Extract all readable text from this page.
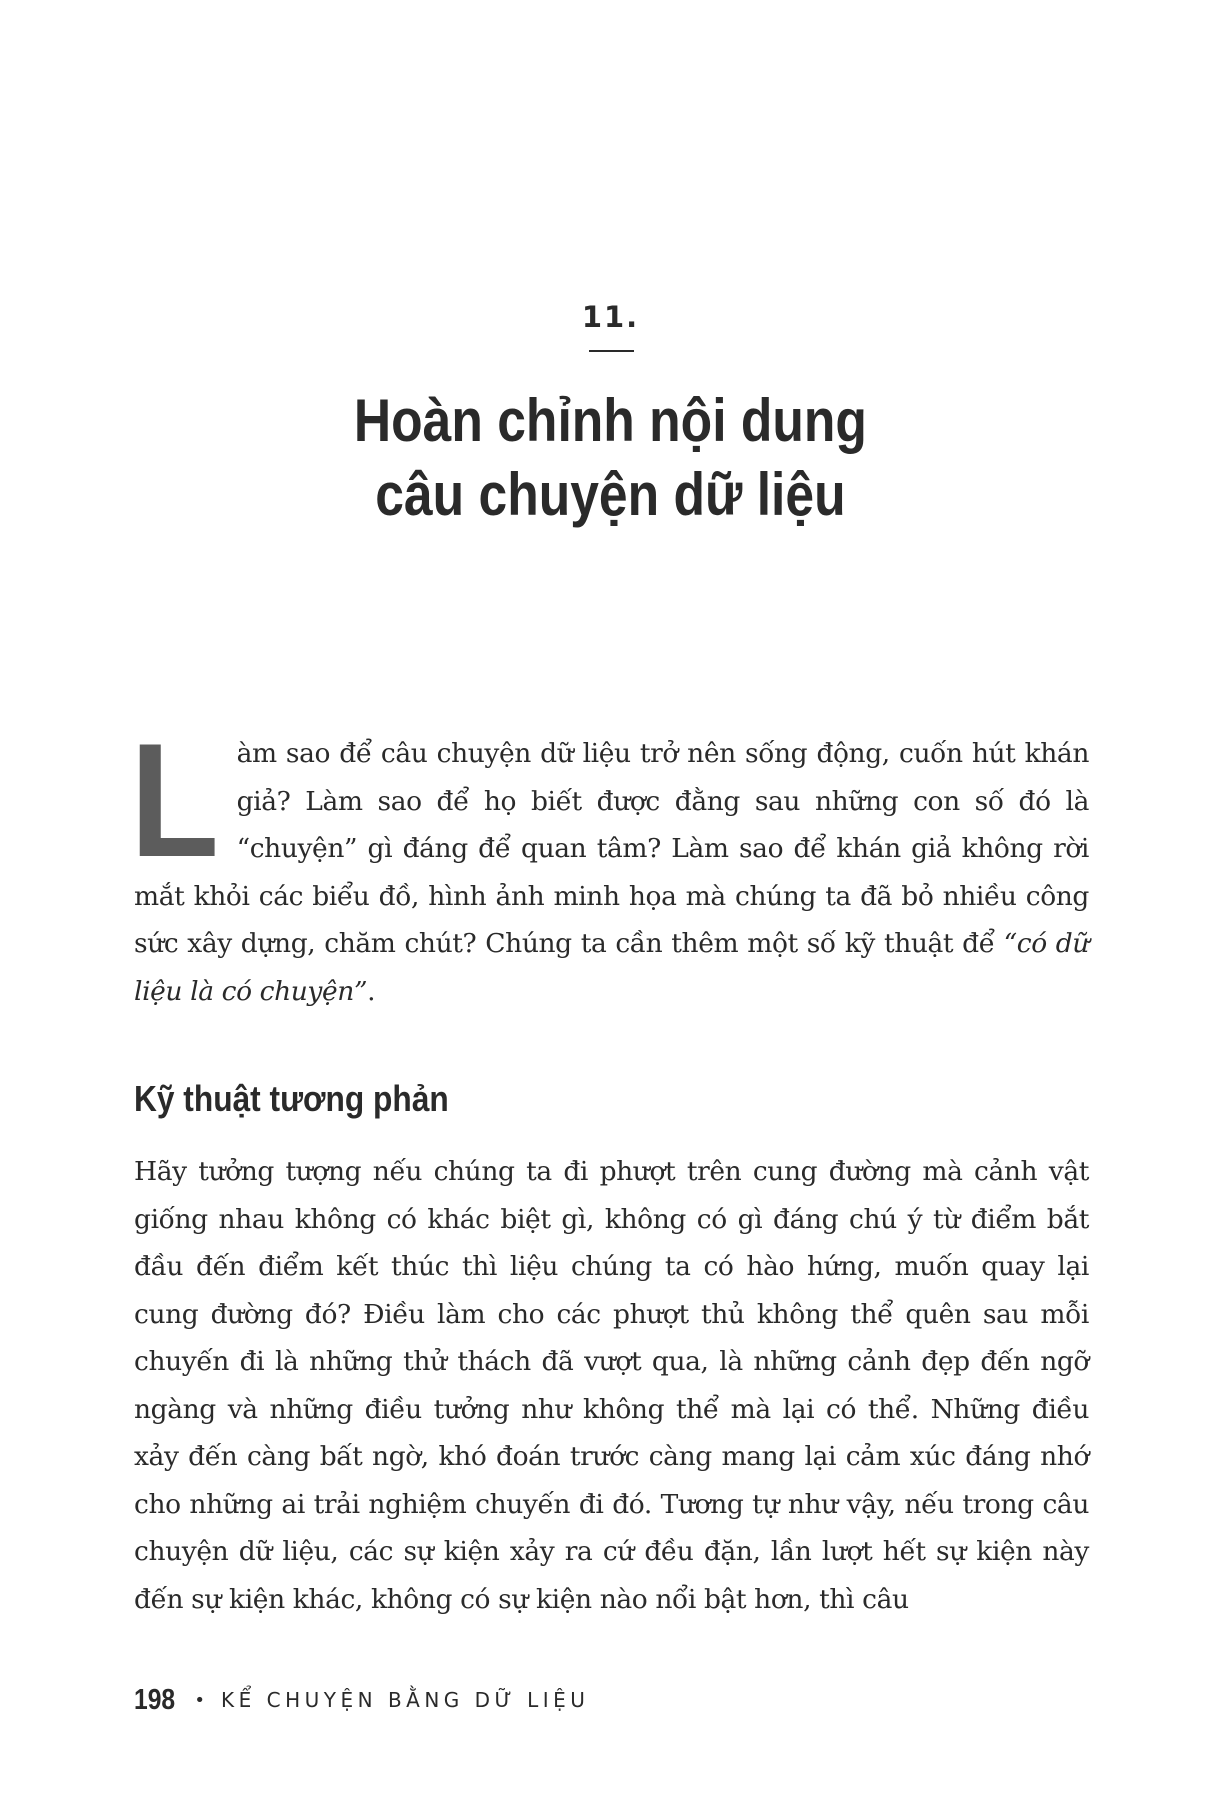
11.
Hoàn chỉnh nội dung
câu chuyện dữ liệu

Làm sao để câu chuyện dữ liệu trở nên sống động, cuốn hút khán giả? Làm sao để họ biết được đằng sau những con số đó là “chuyện” gì đáng để quan tâm? Làm sao để khán giả không rời mắt khỏi các biểu đồ, hình ảnh minh họa mà chúng ta đã bỏ nhiều công sức xây dựng, chăm chút? Chúng ta cần thêm một số kỹ thuật để “có dữ liệu là có chuyện”.

Kỹ thuật tương phản

Hãy tưởng tượng nếu chúng ta đi phượt trên cung đường mà cảnh vật giống nhau không có khác biệt gì, không có gì đáng chú ý từ điểm bắt đầu đến điểm kết thúc thì liệu chúng ta có hào hứng, muốn quay lại cung đường đó? Điều làm cho các phượt thủ không thể quên sau mỗi chuyến đi là những thử thách đã vượt qua, là những cảnh đẹp đến ngỡ ngàng và những điều tưởng như không thể mà lại có thể. Những điều xảy đến càng bất ngờ, khó đoán trước càng mang lại cảm xúc đáng nhớ cho những ai trải nghiệm chuyến đi đó. Tương tự như vậy, nếu trong câu chuyện dữ liệu, các sự kiện xảy ra cứ đều đặn, lần lượt hết sự kiện này đến sự kiện khác, không có sự kiện nào nổi bật hơn, thì câu

198 • KỂ CHUYỆN BẰNG DỮ LIỆU
